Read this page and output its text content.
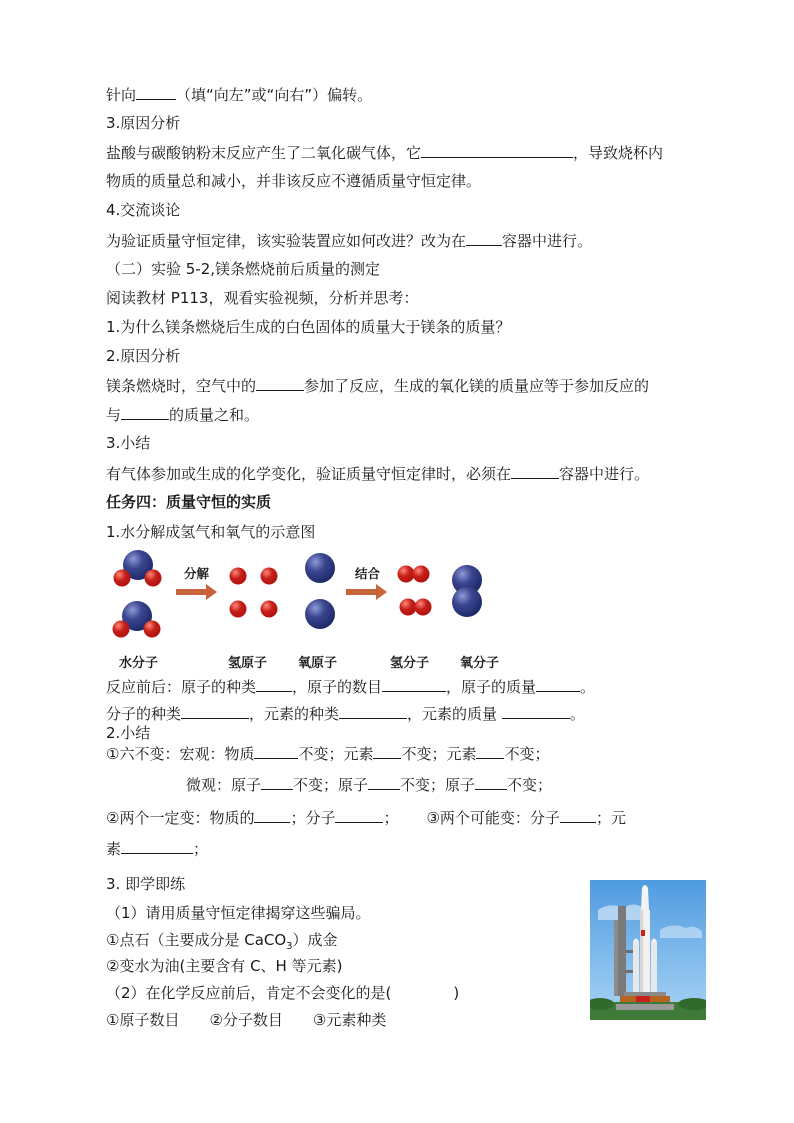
针向	（填“向左”或“向右”）偏转。
3.原因分析
盐酸与碳酸钠粉末反应产生了二氧化碳气体，它	，导致烧杯内
物质的质量总和减小，并非该反应不遵循质量守恒定律。
4.交流谈论
为验证质量守恒定律，该实验装置应如何改进？改为在 容器中进行。
（二）实验 5-2,镁条燃烧前后质量的测定
阅读教材 P113，观看实验视频，分析并思考：
1.为什么镁条燃烧后生成的白色固体的质量大于镁条的质量？
2.原因分析
镁条燃烧时，空气中的	参加了反应，生成的氧化镁的质量应等于参加反应的
与	的质量之和。
3.小结
有气体参加或生成的化学变化，验证质量守恒定律时，必须在	容器中进行。
任务四：质量守恒的实质
1.水分解成氢气和氧气的示意图
分解	结合
水分子	氢原子 氧原子	氢分子 氧分子
反应前后：原子的种类 ，原子的数目	，原子的质量	。
分子的种类	，元素的种类	，元素的质量	。
2.小结
①六不变：宏观：物质	不变；元素 不变；元素 不变；
微观：原子 不变；原子 不变；原子 不变；
②两个一定变：物质的 ；分子	； ③两个可能变：分子 ；元
素	；
3. 即学即练
（1）请用质量守恒定律揭穿这些骗局。
①点石（主要成分是 CaCO$_3$）成金
②变水为油(主要含有 C、H 等元素)
（2）在化学反应前后，肯定不会变化的是(	)
①原子数目 ②分子数目 ③元素种类
